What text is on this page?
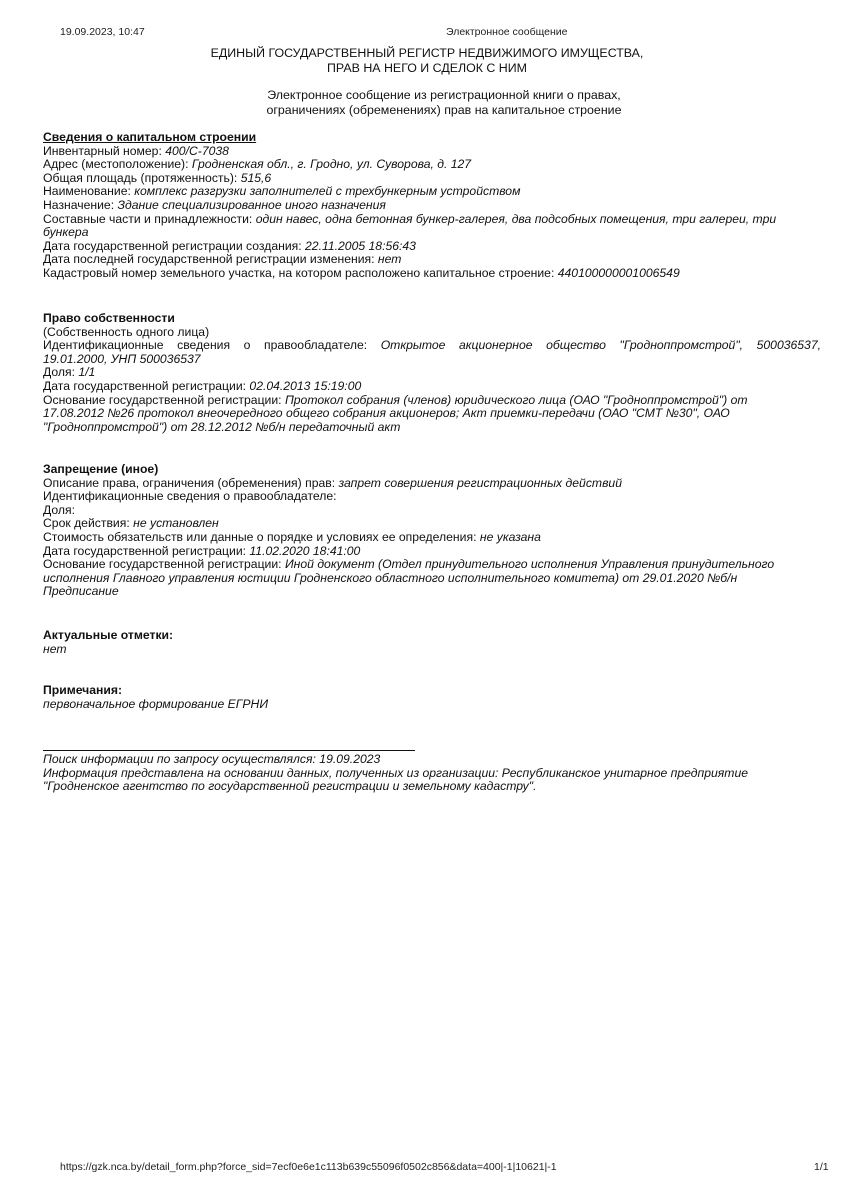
19.09.2023, 10:47	Электронное сообщение
ЕДИНЫЙ ГОСУДАРСТВЕННЫЙ РЕГИСТР НЕДВИЖИМОГО ИМУЩЕСТВА,
ПРАВ НА НЕГО И СДЕЛОК С НИМ
Электронное сообщение из регистрационной книги о правах,
ограничениях (обременениях) прав на капитальное строение
Сведения о капитальном строении
Инвентарный номер: 400/C-7038
Адрес (местоположение): Гродненская обл., г. Гродно, ул. Суворова, д. 127
Общая площадь (протяженность): 515,6
Наименование: комплекс разгрузки заполнителей с трехбункерным устройством
Назначение: Здание специализированное иного назначения
Составные части и принадлежности: один навес, одна бетонная бункер-галерея, два подсобных помещения, три галереи, три бункера
Дата государственной регистрации создания: 22.11.2005 18:56:43
Дата последней государственной регистрации изменения: нет
Кадастровый номер земельного участка, на котором расположено капитальное строение: 440100000001006549
Право собственности
(Собственность одного лица)
Идентификационные сведения о правообладателе: Открытое акционерное общество "Гродноппромстрой", 500036537,
19.01.2000, УНП 500036537
Доля: 1/1
Дата государственной регистрации: 02.04.2013 15:19:00
Основание государственной регистрации: Протокол собрания (членов) юридического лица (ОАО "Гродноппромстрой") от
17.08.2012 №26 протокол внеочередного общего собрания акционеров; Акт приемки-передачи (ОАО "СМТ №30", ОАО
"Гродноппромстрой") от 28.12.2012 №б/н передаточный акт
Запрещение (иное)
Описание права, ограничения (обременения) прав: запрет совершения регистрационных действий
Идентификационные сведения о правообладателе:
Доля:
Срок действия: не установлен
Стоимость обязательств или данные о порядке и условиях ее определения: не указана
Дата государственной регистрации: 11.02.2020 18:41:00
Основание государственной регистрации: Иной документ (Отдел принудительного исполнения Управления принудительного
исполнения Главного управления юстиции Гродненского областного исполнительного комитета) от 29.01.2020 №б/н
Предписание
Актуальные отметки:
нет
Примечания:
первоначальное формирование ЕГРНИ
Поиск информации по запросу осуществлялся: 19.09.2023
Информация представлена на основании данных, полученных из организации: Республиканское унитарное предприятие
"Гродненское агентство по государственной регистрации и земельному кадастру".
https://gzk.nca.by/detail_form.php?force_sid=7ecf0e6e1c113b639c55096f0502c856&data=400|-1|10621|-1	1/1
